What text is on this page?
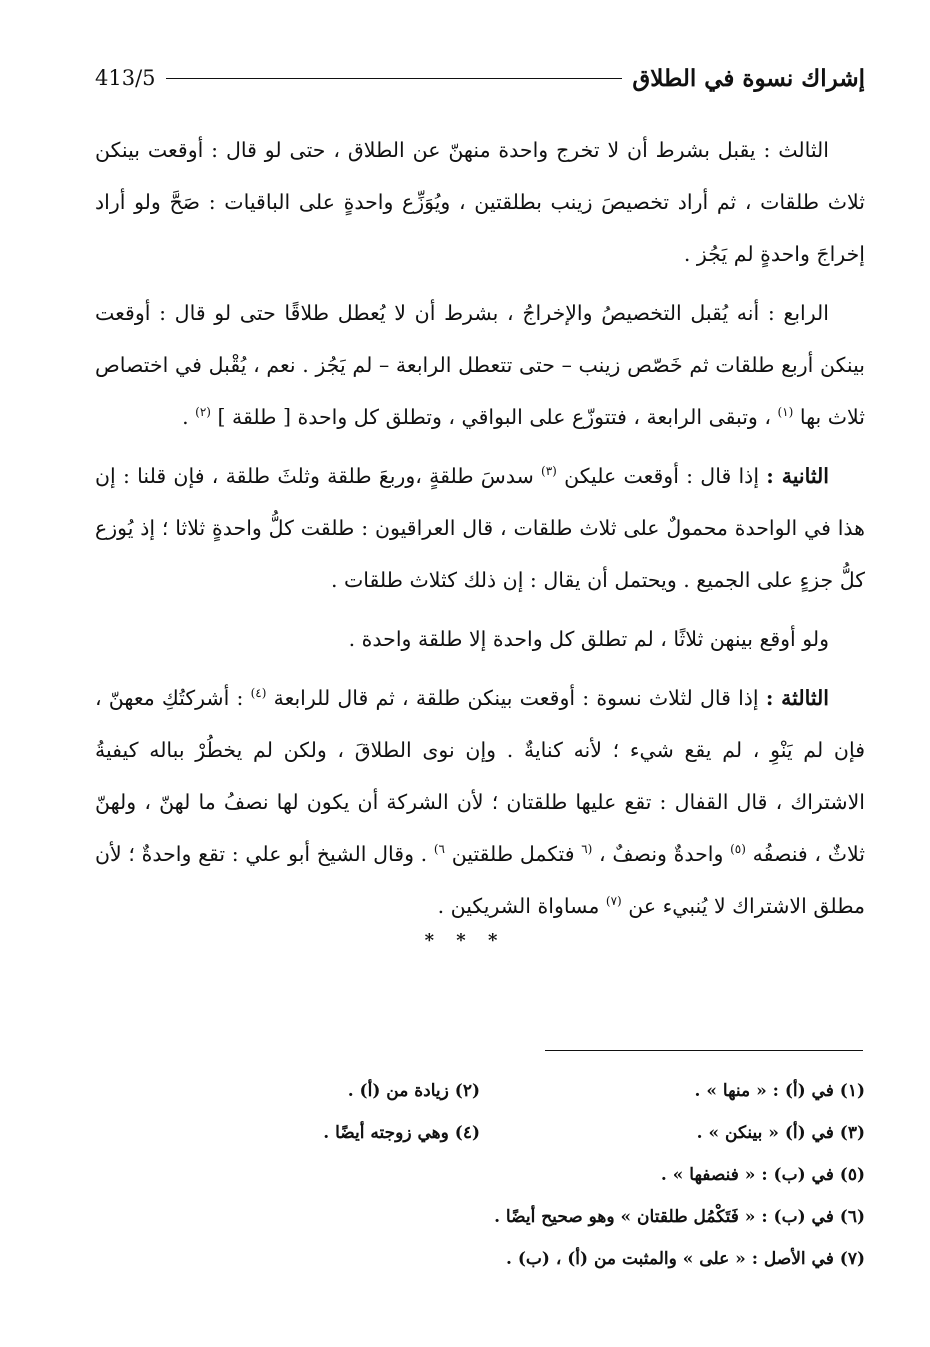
إشراك نسوة في الطلاق
413/5

الثالث : يقبل بشرط أن لا تخرج واحدة منهنّ عن الطلاق ، حتى لو قال : أوقعت بينكن ثلاث طلقات ، ثم أراد تخصيصَ زينب بطلقتين ، ويُوَزِّع واحدةٍ على الباقيات : صَحَّ ولو أراد إخراجَ واحدةٍ لم يَجُز .

الرابع : أنه يُقبل التخصيصُ والإخراجُ ، بشرط أن لا يُعطل طلاقًا حتى لو قال : أوقعت بينكن أربع طلقات ثم خَصّص زينب – حتى تتعطل الرابعة – لم يَجُز . نعم ، يُقْبل في اختصاص ثلاث بها $^{(١)}$ ، وتبقى الرابعة ، فتتوزّع على البواقي ، وتطلق كل واحدة [ طلقة ] $^{(٢)}$ .

الثانية : إذا قال : أوقعت عليكن $^{(٣)}$ سدسَ طلقةٍ ،وربعَ طلقة وثلثَ طلقة ، فإن قلنا : إن هذا في الواحدة محمولٌ على ثلاث طلقات ، قال العراقيون : طلقت كلُّ واحدةٍ ثلاثا ؛ إذ يُوزع كلُّ جزءٍ على الجميع . ويحتمل أن يقال : إن ذلك كثلاث طلقات .

ولو أوقع بينهن ثلاثًا ، لم تطلق كل واحدة إلا طلقة واحدة .

الثالثة : إذا قال لثلاث نسوة : أوقعت بينكن طلقة ، ثم قال للرابعة $^{(٤)}$ : أشركتُكِ معهنّ ، فإن لم يَنْوِ ، لم يقع شيء ؛ لأنه كنايةٌ . وإن نوى الطلاقَ ، ولكن لم يخطُرْ بباله كيفيةُ الاشتراك ، قال القفال : تقع عليها طلقتان ؛ لأن الشركة أن يكون لها نصفُ ما لهنّ ، ولهنّ ثلاثٌ ، فنصفُه $^{(٥)}$ واحدةٌ ونصفٌ ، $^{(٦}$ فتكمل طلقتين $^{٦)}$ . وقال الشيخ أبو علي : تقع واحدةٌ ؛ لأن مطلق الاشتراك لا يُنبيء عن $^{(٧)}$ مساواة الشريكين .

* * *
(١) في (أ) : « منها » .
(٢) زيادة من (أ) .
(٣) في (أ) « بينكن » .
(٤) وهي زوجته أيضًا .
(٥) في (ب) : « فنصفها » .
(٦) في (ب) : « فَتَكْمُل طلقتان » وهو صحيح أيضًا .
(٧) في الأصل : « على » والمثبت من (أ) ، (ب) .
